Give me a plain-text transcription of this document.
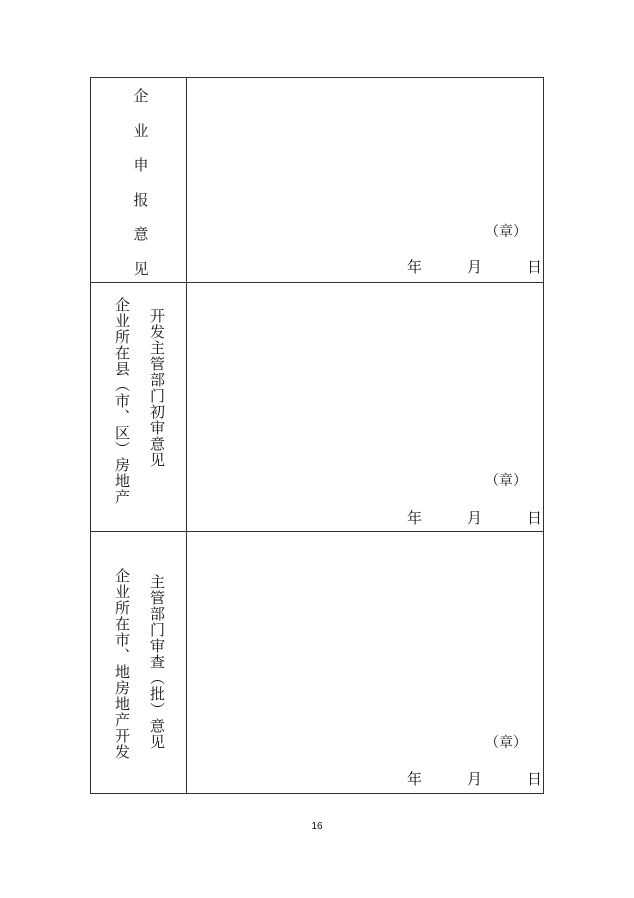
企
业
申
报
意
见
（章）
年	月	日
企业所在县（市、区）房地产 开发主管部门初审意见
（章）
年	月	日
企业所在市、地房地产开发 主管部门审查（批）意见	（章）
年	月	日
16
